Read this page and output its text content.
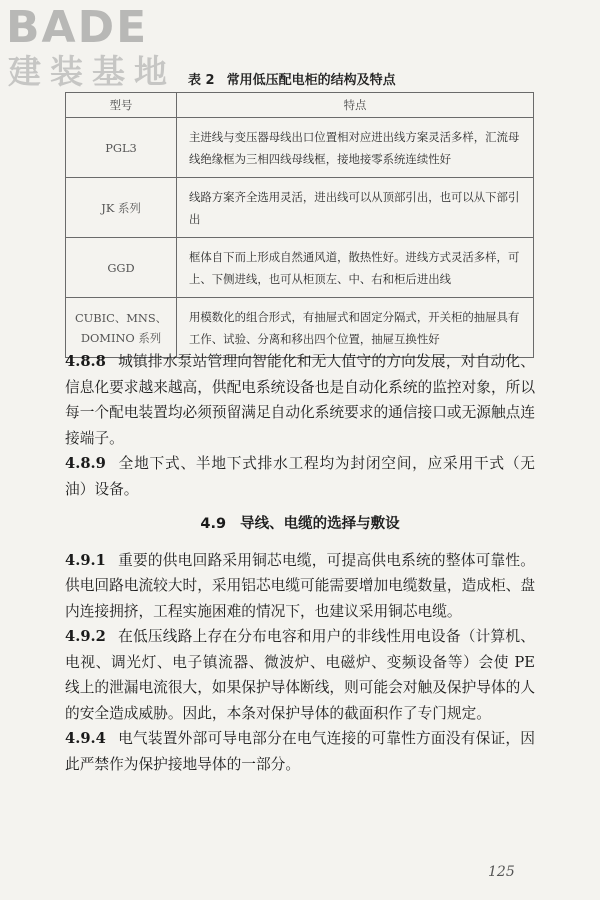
BADE
建装基地 表 2 常用低压配电柜的结构及特点
型号	特点
PGL3	主进线与变压器母线出口位置相对应进出线方案灵活多样，汇流母线绝缘框为三相四线母线框，接地接零系统连续性好
JK 系列	线路方案齐全选用灵活，进出线可以从顶部引出，也可以从下部引出
GGD	框体自下而上形成自然通风道，散热性好。进线方式灵活多样，可上、下侧进线，也可从柜顶左、中、右和柜后进出线
CUBIC、MNS、DOMINO 系列	用模数化的组合形式，有抽屉式和固定分隔式，开关柜的抽屉具有工作、试验、分离和移出四个位置，抽屉互换性好

4.8.8 城镇排水泵站管理向智能化和无人值守的方向发展，对自动化、信息化要求越来越高，供配电系统设备也是自动化系统的监控对象，所以每一个配电装置均必须预留满足自动化系统要求的通信接口或无源触点连接端子。

4.8.9 全地下式、半地下式排水工程均为封闭空间，应采用干式（无油）设备。

4.9 导线、电缆的选择与敷设

4.9.1 重要的供电回路采用铜芯电缆，可提高供电系统的整体可靠性。供电回路电流较大时，采用铝芯电缆可能需要增加电缆数量，造成柜、盘内连接拥挤，工程实施困难的情况下，也建议采用铜芯电缆。

4.9.2 在低压线路上存在分布电容和用户的非线性用电设备（计算机、电视、调光灯、电子镇流器、微波炉、电磁炉、变频设备等）会使 PE 线上的泄漏电流很大，如果保护导体断线，则可能会对触及保护导体的人的安全造成威胁。因此，本条对保护导体的截面积作了专门规定。

4.9.4 电气装置外部可导电部分在电气连接的可靠性方面没有保证，因此严禁作为保护接地导体的一部分。

125
